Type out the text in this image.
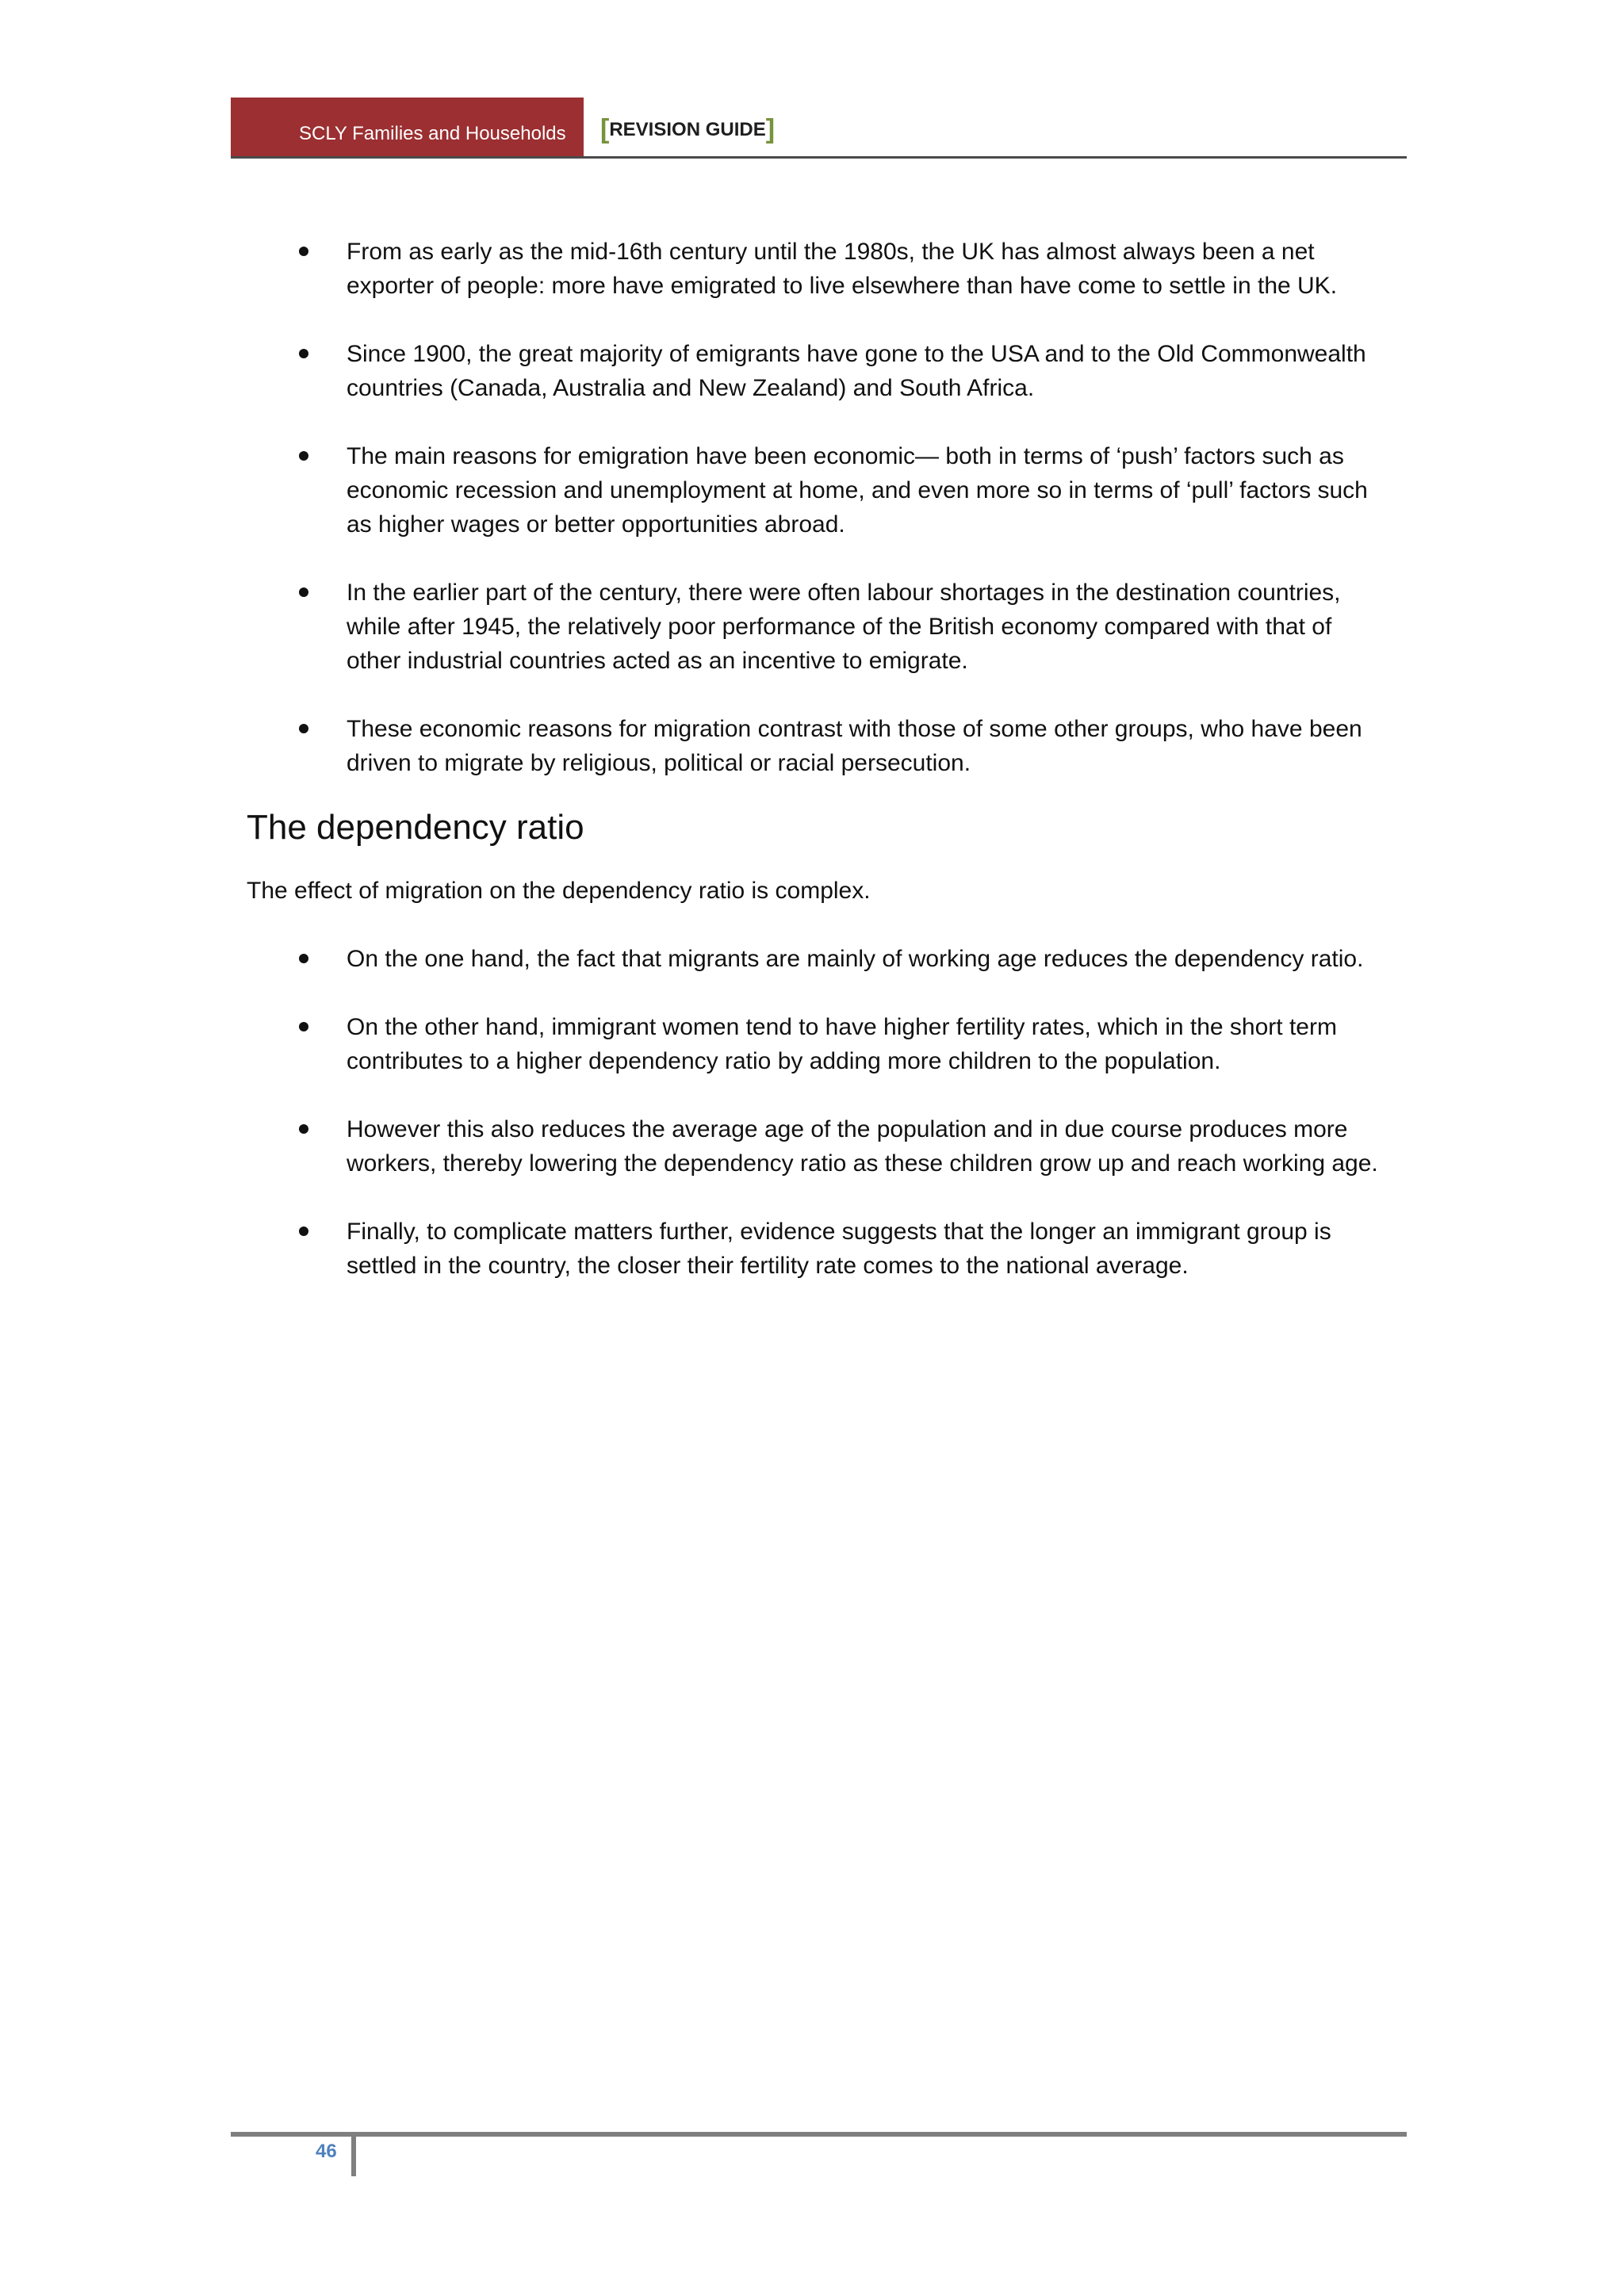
SCLY Families and Households [REVISION GUIDE]
From as early as the mid-16th century until the 1980s, the UK has almost always been a net exporter of people: more have emigrated to live elsewhere than have come to settle in the UK.
Since 1900, the great majority of emigrants have gone to the USA and to the Old Commonwealth countries (Canada, Australia and New Zealand) and South Africa.
The main reasons for emigration have been economic— both in terms of ‘push’ factors such as economic recession and unemployment at home, and even more so in terms of ‘pull’ factors such as higher wages or better opportunities abroad.
In the earlier part of the century, there were often labour shortages in the destination countries, while after 1945, the relatively poor performance of the British economy compared with that of other industrial countries acted as an incentive to emigrate.
These economic reasons for migration contrast with those of some other groups, who have been driven to migrate by religious, political or racial persecution.
The dependency ratio

The effect of migration on the dependency ratio is complex.

On the one hand, the fact that migrants are mainly of working age reduces the dependency ratio.
On the other hand, immigrant women tend to have higher fertility rates, which in the short term contributes to a higher dependency ratio by adding more children to the population.
However this also reduces the average age of the population and in due course produces more workers, thereby lowering the dependency ratio as these children grow up and reach working age.
Finally, to complicate matters further, evidence suggests that the longer an immigrant group is settled in the country, the closer their fertility rate comes to the national average.
46
